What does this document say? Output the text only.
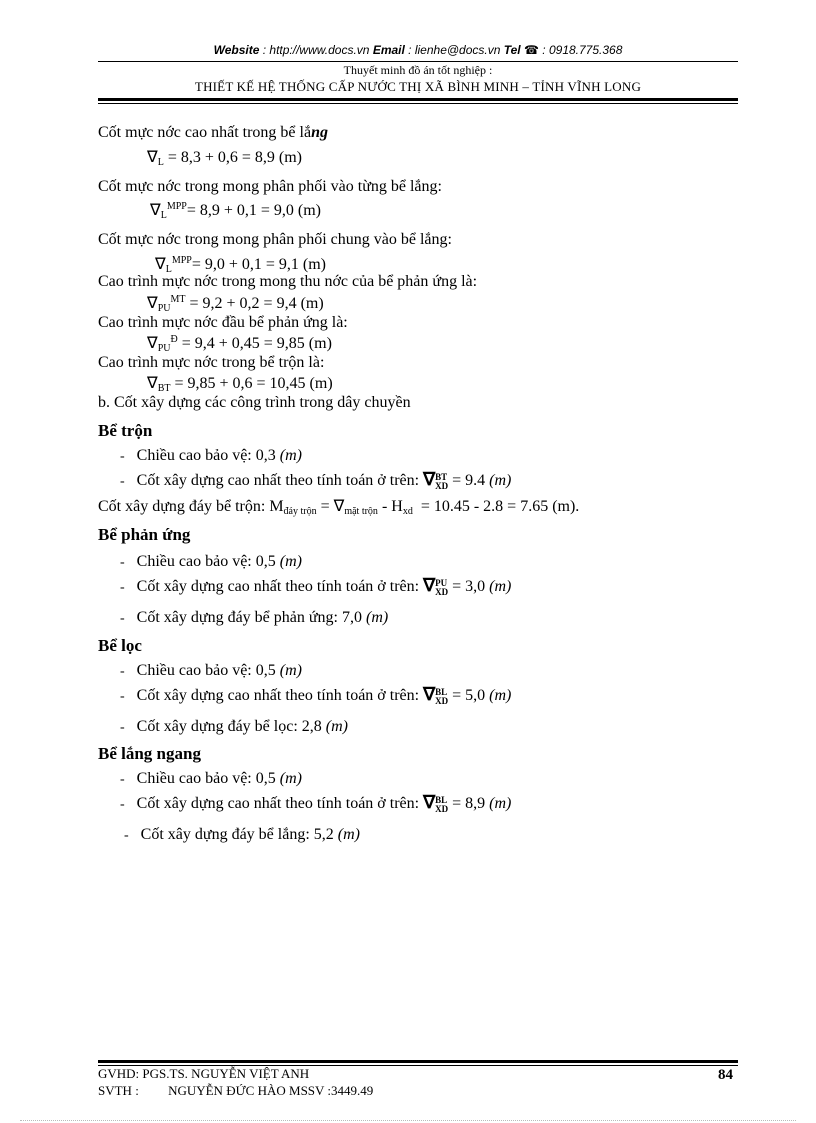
Website : http://www.docs.vn Email : lienhe@docs.vn Tel ☎ : 0918.775.368
Thuyết minh đồ án tốt nghiệp :
THIẾT KẾ HỆ THỐNG CẤP NƯỚC THỊ XÃ BÌNH MINH – TỈNH VĨNH LONG
Cốt mực nớc cao nhất trong bể lắng
$\nabla_L = 8,3 + 0,6 = 8,9$ (m)
Cốt mực nớc trong mong phân phối vào từng bể lắng:
$\nabla_L^{MPP}= 8,9 + 0,1 = 9,0$ (m)
Cốt mực nớc trong mong phân phối chung vào bể lắng:
$\nabla_L^{MPP}= 9,0 + 0,1 = 9,1$ (m)
Cao trình mực nớc trong mong thu nớc của bể phản ứng là:
$\nabla_{PU}^{MT} = 9,2 + 0,2 = 9,4$ (m)
Cao trình mực nớc đầu bể phản ứng là:
$\nabla_{PU}^Đ = 9,4 + 0,45 = 9,85$ (m)
Cao trình mực nớc trong bể trộn là:
$\nabla_{BT} = 9,85 + 0,6 = 10,45$ (m)
b. Cốt xây dựng các công trình trong dây chuyền
Bể trộn
- Chiều cao bảo vệ: 0,3 (m)
- Cốt xây dựng cao nhất theo tính toán ở trên: ∇BT
XD = 9.4 (m)
Cốt xây dựng đáy bể trộn: $M_{đáy trộn} = \nabla_{mặt trộn} - H_{xd} = 10.45 - 2.8 = 7.65$ (m).
Bể phản ứng
- Chiều cao bảo vệ: 0,5 (m)
- Cốt xây dựng cao nhất theo tính toán ở trên: ∇PU
XD = 3,0 (m)
- Cốt xây dựng đáy bể phản ứng: 7,0 (m)
Bể lọc
- Chiều cao bảo vệ: 0,5 (m)
- Cốt xây dựng cao nhất theo tính toán ở trên: ∇BL
XD = 5,0 (m)
- Cốt xây dựng đáy bể lọc: 2,8 (m)
Bể lắng ngang
- Chiều cao bảo vệ: 0,5 (m)
- Cốt xây dựng cao nhất theo tính toán ở trên: ∇BL
XD = 8,9 (m)
- Cốt xây dựng đáy bể lắng: 5,2 (m)
GVHD: PGS.TS. NGUYỄN VIỆT ANH
SVTH : NGUYỄN ĐỨC HÀO MSSV :3449.49
84
